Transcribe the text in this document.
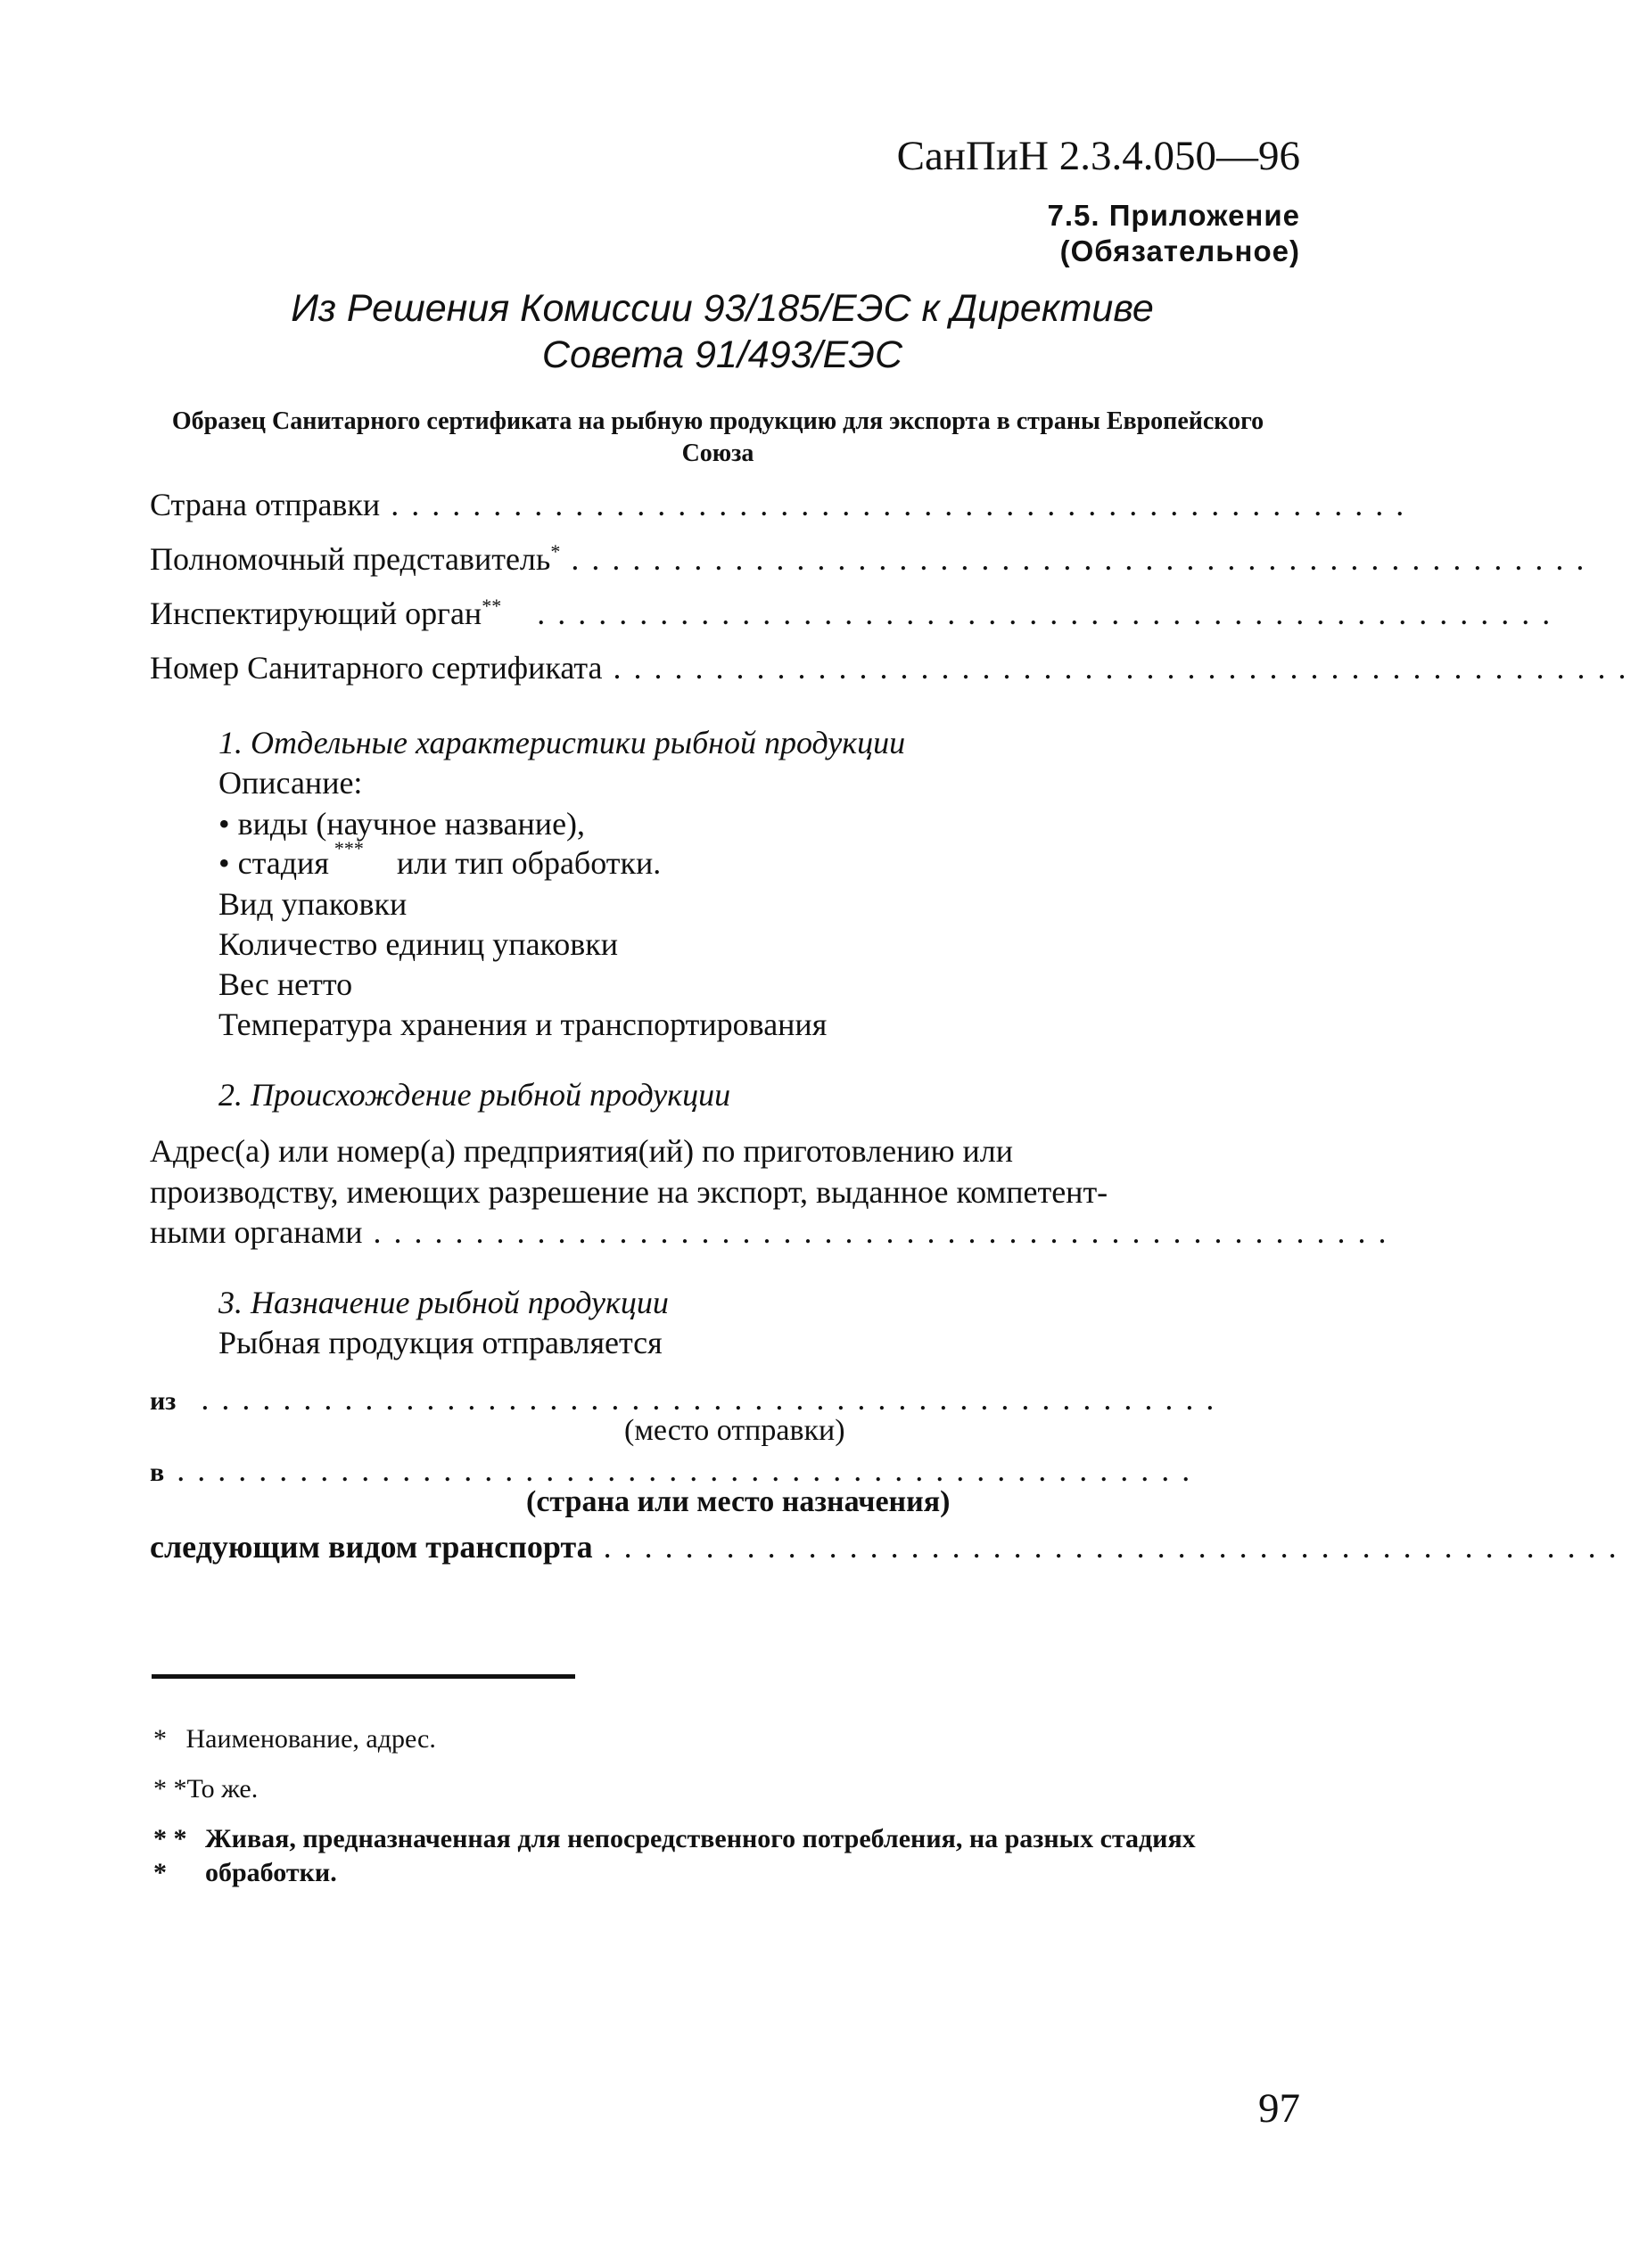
СанПиН 2.3.4.050—96
7.5. Приложение
(Обязательное)
Из Решения Комиссии 93/185/ЕЭС к Директиве
Совета 91/493/ЕЭС
Образец Санитарного сертификата на рыбную продукцию для экспорта в страны Европейского Союза
Страна отправки ..................................................
Полномочный представитель* ..................................................
Инспектирующий орган**	..................................................
Номер Санитарного сертификата ..................................................
1. Отдельные характеристики рыбной продукции
Описание:
• виды (научное название),
• стадия *** или тип обработки.
Вид упаковки
Количество единиц упаковки
Вес нетто
Температура хранения и транспортирования
2. Происхождение рыбной продукции
Адрес(а) или номер(а) предприятия(ий) по приготовлению или
производству, имеющих разрешение на экспорт, выданное компетент-
ными органами ..................................................
3. Назначение рыбной продукции
Рыбная продукция отправляется
из ..................................................
(место отправки)
в ..................................................
(страна или место назначения)
следующим видом транспорта ..................................................
* Наименование, адрес.
* *То же.
* * *
Живая, предназначенная для непосредственного потребления, на разных стадиях обработки.
97
